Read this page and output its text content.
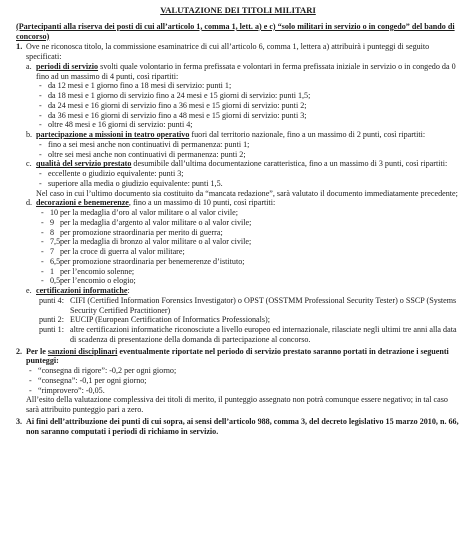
VALUTAZIONE DEI TITOLI MILITARI
(Partecipanti alla riserva dei posti di cui all’articolo 1, comma 1, lett. a) e c) “solo militari in servizio o in congedo” del bando di concorso)
1. Ove ne riconosca titolo, la commissione esaminatrice di cui all’articolo 6, comma 1, lettera a) attribuirà i punteggi di seguito specificati:

a. periodi di servizio svolti quale volontario in ferma prefissata e volontari in ferma prefissata iniziale in servizio o in congedo da 0 fino ad un massimo di 4 punti, così ripartiti:

- da 12 mesi e 1 giorno fino a 18 mesi di servizio: punti 1;
- da 18 mesi e 1 giorno di servizio fino a 24 mesi e 15 giorni di servizio: punti 1,5;
- da 24 mesi e 16 giorni di servizio fino a 36 mesi e 15 giorni di servizio: punti 2;
- da 36 mesi e 16 giorni di servizio fino a 48 mesi e 15 giorni di servizio: punti 3;
- oltre 48 mesi e 16 giorni di servizio: punti 4;
b. partecipazione a missioni in teatro operativo fuori dal territorio nazionale, fino a un massimo di 2 punti, così ripartiti:

- fino a sei mesi anche non continuativi di permanenza: punti 1;
- oltre sei mesi anche non continuativi di permanenza: punti 2;
c. qualità del servizio prestato desumibile dall’ultima documentazione caratteristica, fino a un massimo di 3 punti, così ripartiti:

- eccellente o giudizio equivalente: punti 3;
- superiore alla media o giudizio equivalente: punti 1,5.

Nel caso in cui l’ultimo documento sia costituito da “mancata redazione”, sarà valutato il documento immediatamente precedente;

d. decorazioni e benemerenze, fino a un massimo di 10 punti, così ripartiti:

- 10 per la medaglia d’oro al valor militare o al valor civile;
- 9 per la medaglia d’argento al valor militare o al valor civile;
- 8 per promozione straordinaria per merito di guerra;
- 7,5 per la medaglia di bronzo al valor militare o al valor civile;
- 7 per la croce di guerra al valor militare;
- 6,5 per promozione straordinaria per benemerenze d’istituto;
- 1 per l’encomio solenne;
- 0,5 per l’encomio o elogio;
e. certificazioni informatiche:

punti 4: CIFI (Certified Information Forensics Investigator) o OPST (OSSTMM Professional Security Tester) o SSCP (Systems Security Certified Practitioner)
punti 2: EUCIP (European Certification of Informatics Professionals);
punti 1: altre certificazioni informatiche riconosciute a livello europeo ed internazionale, rilasciate negli ultimi tre anni alla data di scadenza di presentazione della domanda di partecipazione al concorso.
2. Per le sanzioni disciplinari eventualmente riportate nel periodo di servizio prestato saranno portati in detrazione i seguenti punteggi:

- “consegna di rigore”: -0,2 per ogni giorno;
- “consegna”: -0,1 per ogni giorno;
- “rimprovero”: -0,05.

All’esito della valutazione complessiva dei titoli di merito, il punteggio assegnato non potrà comunque essere negativo; in tal caso sarà attribuito punteggio pari a zero.

3. Ai fini dell’attribuzione dei punti di cui sopra, ai sensi dell’articolo 988, comma 3, del decreto legislativo 15 marzo 2010, n. 66, non saranno computati i periodi di richiamo in servizio.
